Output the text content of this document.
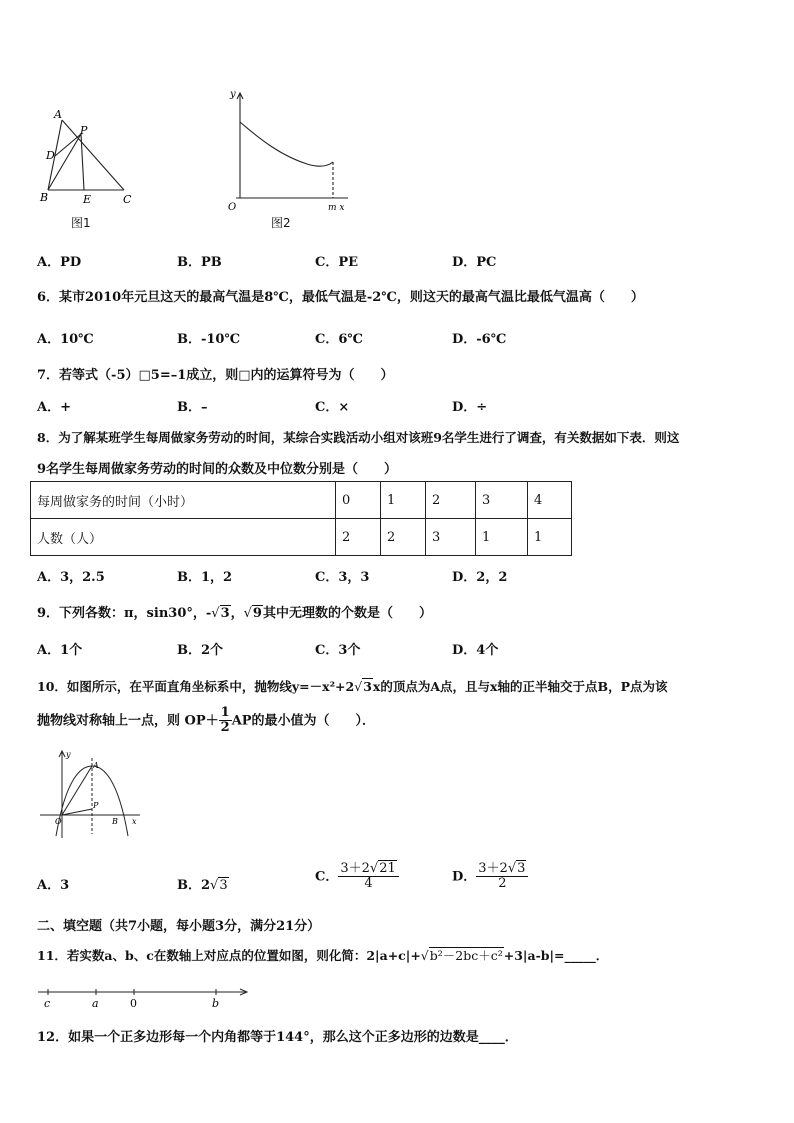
A
P
D
B	E	C
图1
y
O	m x
图2
A．PD	B．PB	C．PE	D．PC
6．某市2010年元旦这天的最高气温是8℃，最低气温是-2℃，则这天的最高气温比最低气温高（　　）
A．10℃	B．-10℃	C．6℃	D．-6℃
7．若等式（-5）□5=–1成立，则□内的运算符号为（　　）
A．+	B．–	C．×	D．÷
8．为了解某班学生每周做家务劳动的时间，某综合实践活动小组对该班9名学生进行了调查，有关数据如下表．则这
9名学生每周做家务劳动的时间的众数及中位数分别是（　　）
每周做家务的时间（小时）	0	1	2	3	4
人数（人）	2	2	3	1	1
A．3，2.5	B．1，2	C．3，3	D．2，2
9．下列各数：π，sin30°，-√3，√9其中无理数的个数是（　　）
A．1个	B．2个	C．3个	D．4个
10．如图所示，在平面直角坐标系中，抛物线y=－x²+2√3x的顶点为A点，且与x轴的正半轴交于点B，P点为该
抛物线对称轴上一点，则 $OP+ \frac{1}{2}$ AP的最小值为（　　）．
y
A
P
O	B x
A．3	B．2√3
C． $\frac{3+2√21}{4}$	D． $\frac{3+2√3}{2}$
二、填空题（共7小题，每小题3分，满分21分）
11．若实数a、b、c在数轴上对应点的位置如图，则化简：2|a+c|+√b²－2bc＋c²+3|a-b|=_____．
c	a	0	b
12．如果一个正多边形每一个内角都等于144°，那么这个正多边形的边数是____．
